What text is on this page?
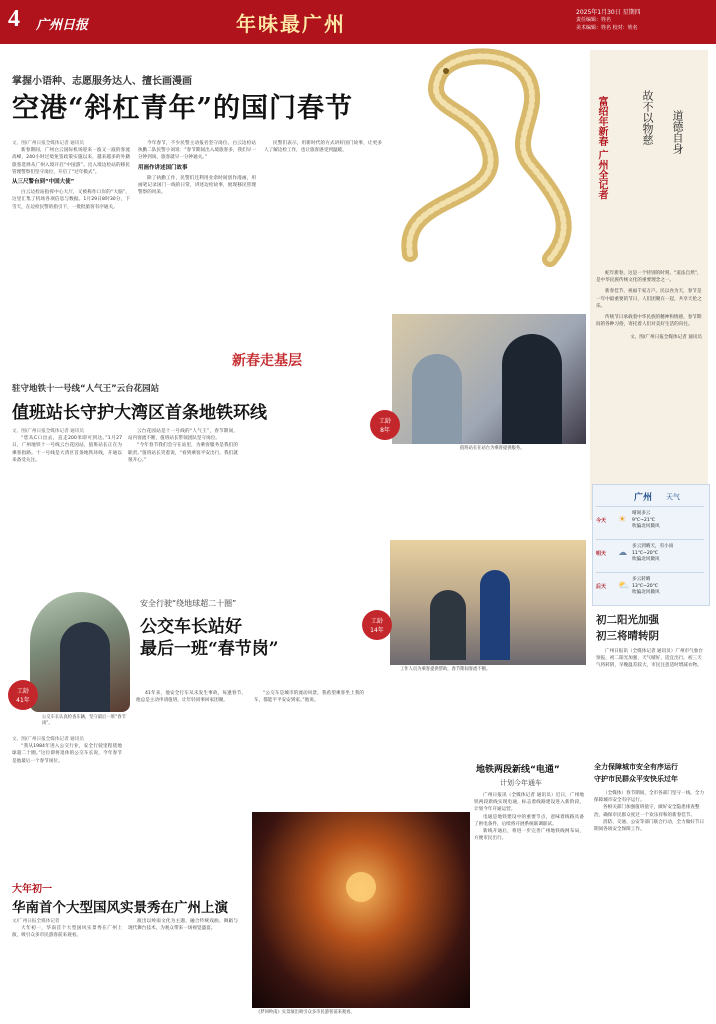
4 广州日报	年味最广州	2025年1月30日 星期四
责任编辑：姓名
美术编辑：姓名 校对：姓名
掌握小语种、志愿服务达人、擅长画漫画
空港“斜杠青年”的国门春节
文、图/广州日报全媒体记者 通讯员
新春期间，广州白云国际机场迎来一波又一波的客流高峰，240小时过境免签政策实施以来，越来越多的外籍旅客选择从广州入境开启“中国游”。出入境边检站的移民管理警察们坚守岗位，开启了“过年模式”。
从三尺警台到“中国大使”
白云边检站指挥中心大厅，又被称作口岸的“大脑”，这里汇集了机场各项信息与数据。1月29日8时30分，下雪天，在边检民警的指引下，一批批旅客有序通关。
今年春节，不少民警主动报名坚守岗位。白云边检站执勤二队民警小刘说：“春节期间出入境旅客多，我们早一分钟到岗，旅客就早一分钟通关。”
用画作讲述国门故事
除了执勤工作，民警们还利用业余时间创作漫画，用画笔记录国门一线的日常，讲述边检故事，展现移民管理警察的风采。
民警们表示，用新时代的方式讲好国门故事，让更多人了解边检工作，也让旅客感受到温暖。	富绍年新春 广州全记者	故不以物慈 道德自身
蛇年新春，这是一个特别的时刻。“道法自然”，是中华民族传统文化的重要理念之一。
新春佳节，祝福千家万户。民以食为天，春节是一年中最重要的节日，人们团聚在一起，共享天伦之乐。
传统节日承载着中华民族的精神和情感，春节期间的各种习俗，寄托着人们对美好生活的向往。
文、图/广州日报全媒体记者 通讯员
新春走基层
驻守地铁十一号线“人气王”云台花园站
值班站长守护大湾区首条地铁环线
文、图/广州日报全媒体记者 通讯员
“您从C口出去，直走200米即可到达。”1月27日，广州地铁十一号线云台花园站，值班站长正在为乘客指路。十一号线是大湾区首条地铁环线，开通以来备受关注。
云台花园站是十一号线的“人气王”，春节期间，站内客流不断，值班站长带领团队坚守岗位。
“今年春节我们会守在站里，为乘客服务是我们的职责。”值班站长笑着说，“看到乘客平安出行，我们就很开心。”
工龄
8年
值班站长在站台为乘客提供服务。
工龄
14年
工作人员为乘客提供帮助，春节期间客流不断。
广州 天气
今天	☀
晴间多云
9℃~21℃
吹偏北风微风
明天	☁
多云到晴天，有小雨
11℃~20℃
吹偏北风微风
后天	⛅
多云转晴
13℃~20℃
吹偏北风微风
初二阳光加强
初三将晴转阴
广州日报讯（全媒体记者 通讯员）广州市气象台预报，初二阳光加强，天气晴好，适宜出行。初三天气将转阴，早晚温差较大，市民注意适时增减衣物。
安全行驶“绕地球超二十圈”
公交车长站好
最后一班“春节岗”
工龄
41年
公交车长认真检查车辆，坚守最后一班“春节岗”。
文、图/广州日报全媒体记者 通讯员
“我从1984年进入公交行业，安全行驶里程绕地球超二十圈。”这位即将退休的公交车长说，今年春节是他最后一个春节岗位。
41年来，他安全行车从未发生事故，每逢春节，他总是主动申请值班，让年轻同事回家团聚。
“公交车是城市的流动风景，我希望乘客坐上我的车，都能平平安安到家。”他说。
地铁两段新线“电通”
计划今年通车
广州日报讯（全媒体记者 通讯员）近日，广州地铁两段新线实现电通，标志着线路建设进入新阶段，计划今年开通运营。
电通是地铁建设中的重要节点，意味着线路具备了供电条件，后续将开展系统联调联试。
新线开通后，将进一步完善广州地铁线网布局，方便市民出行。
全力保障城市安全有序运行
守护市民群众平安快乐过年
（全媒体）春节期间，全市各部门坚守一线，全力保障城市安全有序运行。
各相关部门加强值班值守，做好安全隐患排查整治，确保市民群众度过一个欢乐祥和的新春佳节。
消防、交通、公安等部门联合行动，全力做好节日期间各项安全保障工作。
大年初一
华南首个大型国风实景秀在广州上演
文/广州日报全媒体记者
大年初一，华南首个大型国风实景秀在广州上演，吸引众多市民游客前来观看。
演出以岭南文化为主题，融合传统戏曲、舞蹈与现代舞台技术，为观众带来一场视觉盛宴。
《梦回岭南》实景演出吸引众多市民游客前来观看。
